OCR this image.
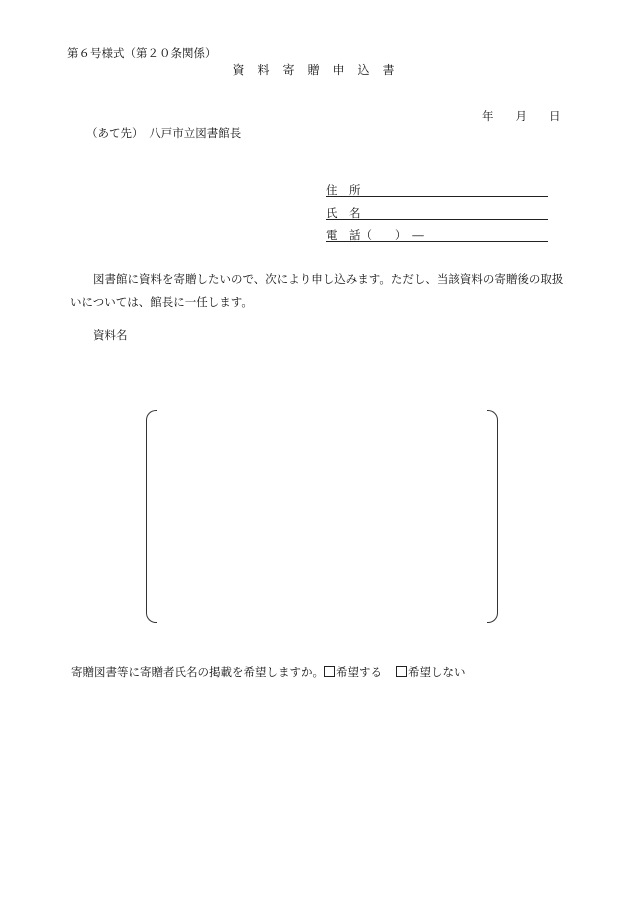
第６号様式（第２０条関係）
資 料 寄 贈 申 込 書
年 月 日
（あて先）　八戸市立図書館長
住　所
氏　名
電　話（　　）　―
図書館に資料を寄贈したいので、次により申し込みます。ただし、当該資料の寄贈後の取扱いについては、館長に一任します。
資料名
寄贈図書等に寄贈者氏名の掲載を希望しますか。 希望する 希望しない
